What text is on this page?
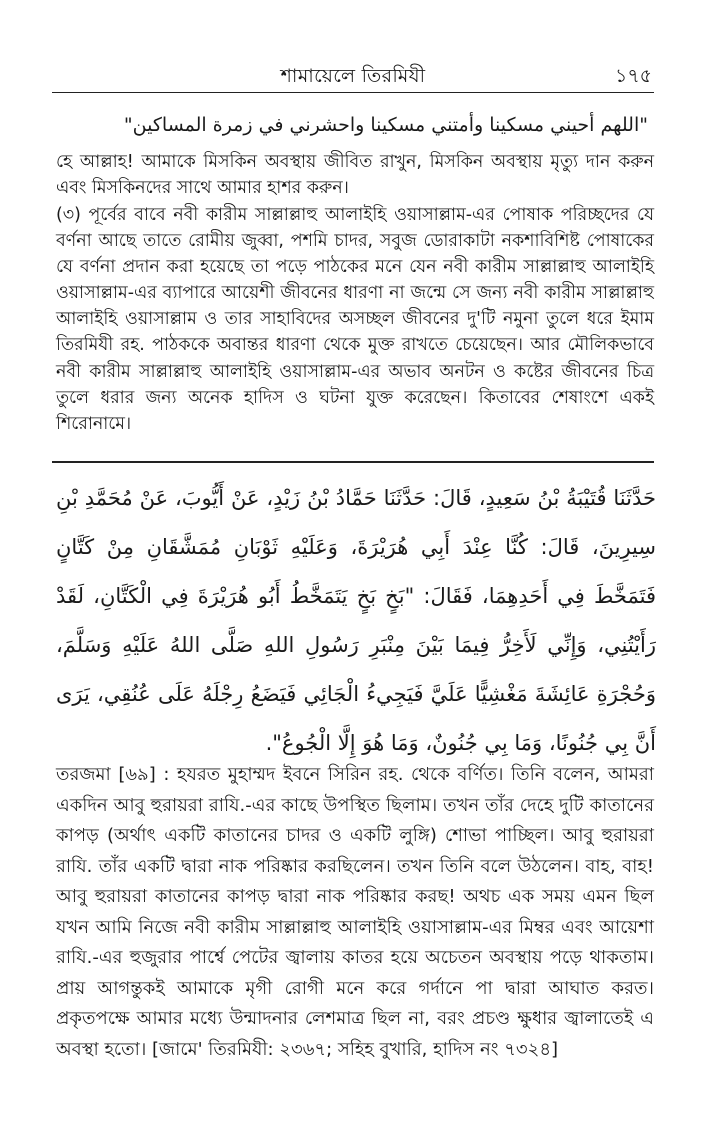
শামায়েলে তিরমিযী	১৭৫
"اللهم أحيني مسكينا وأمتني مسكينا واحشرني في زمرة المساكين"
হে আল্লাহ! আমাকে মিসকিন অবস্থায় জীবিত রাখুন, মিসকিন অবস্থায় মৃত্যু দান করুন এবং মিসকিনদের সাথে আমার হাশর করুন।
(৩) পূর্বের বাবে নবী কারীম সাল্লাল্লাহু আলাইহি ওয়াসাল্লাম-এর পোষাক পরিচ্ছদের যে বর্ণনা আছে তাতে রোমীয় জুব্বা, পশমি চাদর, সবুজ ডোরাকাটা নকশাবিশিষ্ট পোষাকের যে বর্ণনা প্রদান করা হয়েছে তা পড়ে পাঠকের মনে যেন নবী কারীম সাল্লাল্লাহু আলাইহি ওয়াসাল্লাম-এর ব্যাপারে আয়েশী জীবনের ধারণা না জন্মে সে জন্য নবী কারীম সাল্লাল্লাহু আলাইহি ওয়াসাল্লাম ও তার সাহাবিদের অসচ্ছল জীবনের দু'টি নমুনা তুলে ধরে ইমাম তিরমিযী রহ. পাঠককে অবান্তর ধারণা থেকে মুক্ত রাখতে চেয়েছেন। আর মৌলিকভাবে নবী কারীম সাল্লাল্লাহু আলাইহি ওয়াসাল্লাম-এর অভাব অনটন ও কষ্টের জীবনের চিত্র তুলে ধরার জন্য অনেক হাদিস ও ঘটনা যুক্ত করেছেন। কিতাবের শেষাংশে একই শিরোনামে।
حَدَّثَنَا قُتَيْبَةُ بْنُ سَعِيدٍ، قَالَ: حَدَّثَنَا حَمَّادُ بْنُ زَيْدٍ، عَنْ أَيُّوبَ، عَنْ مُحَمَّدِ بْنِ سِيرِينَ، قَالَ: كُنَّا عِنْدَ أَبِي هُرَيْرَةَ، وَعَلَيْهِ ثَوْبَانِ مُمَشَّقَانِ مِنْ كَتَّانٍ فَتَمَخَّطَ فِي أَحَدِهِمَا، فَقَالَ: "بَخٍ بَخٍ يَتَمَخَّطُ أَبُو هُرَيْرَةَ فِي الْكَتَّانِ، لَقَدْ رَأَيْتُنِي، وَإِنِّي لَأَخِرُّ فِيمَا بَيْنَ مِنْبَرِ رَسُولِ اللهِ صَلَّى اللهُ عَلَيْهِ وَسَلَّمَ، وَحُجْرَةِ عَائِشَةَ مَغْشِيًّا عَلَيَّ فَيَجِيءُ الْجَائِي فَيَضَعُ رِجْلَهُ عَلَى عُنُقِي، يَرَى أَنَّ بِي جُنُونًا، وَمَا بِي جُنُونٌ، وَمَا هُوَ إِلَّا الْجُوعُ".
তরজমা [৬৯] : হযরত মুহাম্মদ ইবনে সিরিন রহ. থেকে বর্ণিত। তিনি বলেন, আমরা একদিন আবু হুরায়রা রাযি.-এর কাছে উপস্থিত ছিলাম। তখন তাঁর দেহে দুটি কাতানের কাপড় (অর্থাৎ একটি কাতানের চাদর ও একটি লুঙ্গি) শোভা পাচ্ছিল। আবু হুরায়রা রাযি. তাঁর একটি দ্বারা নাক পরিষ্কার করছিলেন। তখন তিনি বলে উঠলেন। বাহ, বাহ! আবু হুরায়রা কাতানের কাপড় দ্বারা নাক পরিষ্কার করছ! অথচ এক সময় এমন ছিল যখন আমি নিজে নবী কারীম সাল্লাল্লাহু আলাইহি ওয়াসাল্লাম-এর মিম্বর এবং আয়েশা রাযি.-এর হুজুরার পার্শ্বে পেটের জ্বালায় কাতর হয়ে অচেতন অবস্থায় পড়ে থাকতাম। প্রায় আগন্তুকই আমাকে মৃগী রোগী মনে করে গর্দানে পা দ্বারা আঘাত করত। প্রকৃতপক্ষে আমার মধ্যে উন্মাদনার লেশমাত্র ছিল না, বরং প্রচণ্ড ক্ষুধার জ্বালাতেই এ অবস্থা হতো। [জামে' তিরমিযী: ২৩৬৭; সহিহ বুখারি, হাদিস নং ৭৩২৪]
